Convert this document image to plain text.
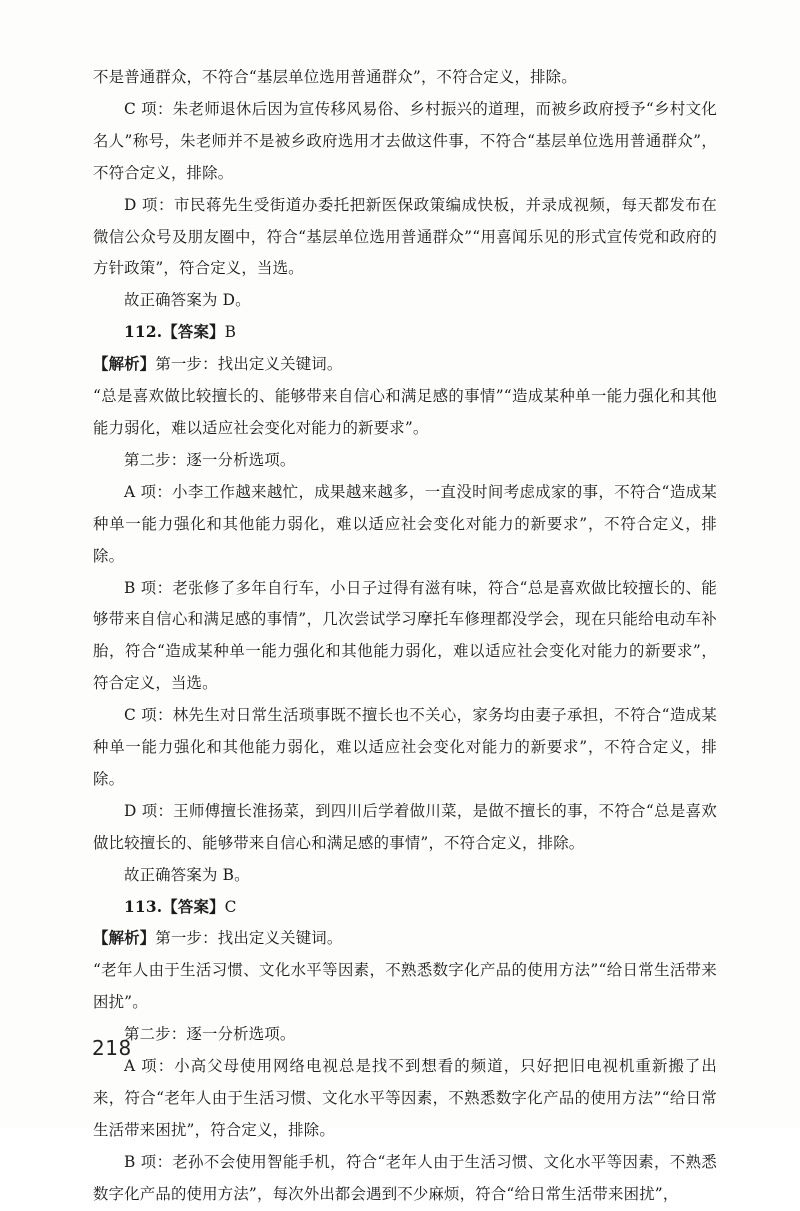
不是普通群众，不符合“基层单位选用普通群众”，不符合定义，排除。

C 项：朱老师退休后因为宣传移风易俗、乡村振兴的道理，而被乡政府授予“乡村文化名人”称号，朱老师并不是被乡政府选用才去做这件事，不符合“基层单位选用普通群众”，不符合定义，排除。

D 项：市民蒋先生受街道办委托把新医保政策编成快板，并录成视频，每天都发布在微信公众号及朋友圈中，符合“基层单位选用普通群众”“用喜闻乐见的形式宣传党和政府的方针政策”，符合定义，当选。

故正确答案为 D。

112.【答案】B

【解析】第一步：找出定义关键词。

“总是喜欢做比较擅长的、能够带来自信心和满足感的事情”“造成某种单一能力强化和其他能力弱化，难以适应社会变化对能力的新要求”。

第二步：逐一分析选项。

A 项：小李工作越来越忙，成果越来越多，一直没时间考虑成家的事，不符合“造成某种单一能力强化和其他能力弱化，难以适应社会变化对能力的新要求”，不符合定义，排除。

B 项：老张修了多年自行车，小日子过得有滋有味，符合“总是喜欢做比较擅长的、能够带来自信心和满足感的事情”，几次尝试学习摩托车修理都没学会，现在只能给电动车补胎，符合“造成某种单一能力强化和其他能力弱化，难以适应社会变化对能力的新要求”，符合定义，当选。

C 项：林先生对日常生活琐事既不擅长也不关心，家务均由妻子承担，不符合“造成某种单一能力强化和其他能力弱化，难以适应社会变化对能力的新要求”，不符合定义，排除。

D 项：王师傅擅长淮扬菜，到四川后学着做川菜，是做不擅长的事，不符合“总是喜欢做比较擅长的、能够带来自信心和满足感的事情”，不符合定义，排除。

故正确答案为 B。

113.【答案】C

【解析】第一步：找出定义关键词。

“老年人由于生活习惯、文化水平等因素，不熟悉数字化产品的使用方法”“给日常生活带来困扰”。

第二步：逐一分析选项。

A 项：小高父母使用网络电视总是找不到想看的频道，只好把旧电视机重新搬了出来，符合“老年人由于生活习惯、文化水平等因素，不熟悉数字化产品的使用方法”“给日常生活带来困扰”，符合定义，排除。

B 项：老孙不会使用智能手机，符合“老年人由于生活习惯、文化水平等因素，不熟悉数字化产品的使用方法”，每次外出都会遇到不少麻烦，符合“给日常生活带来困扰”，

218
